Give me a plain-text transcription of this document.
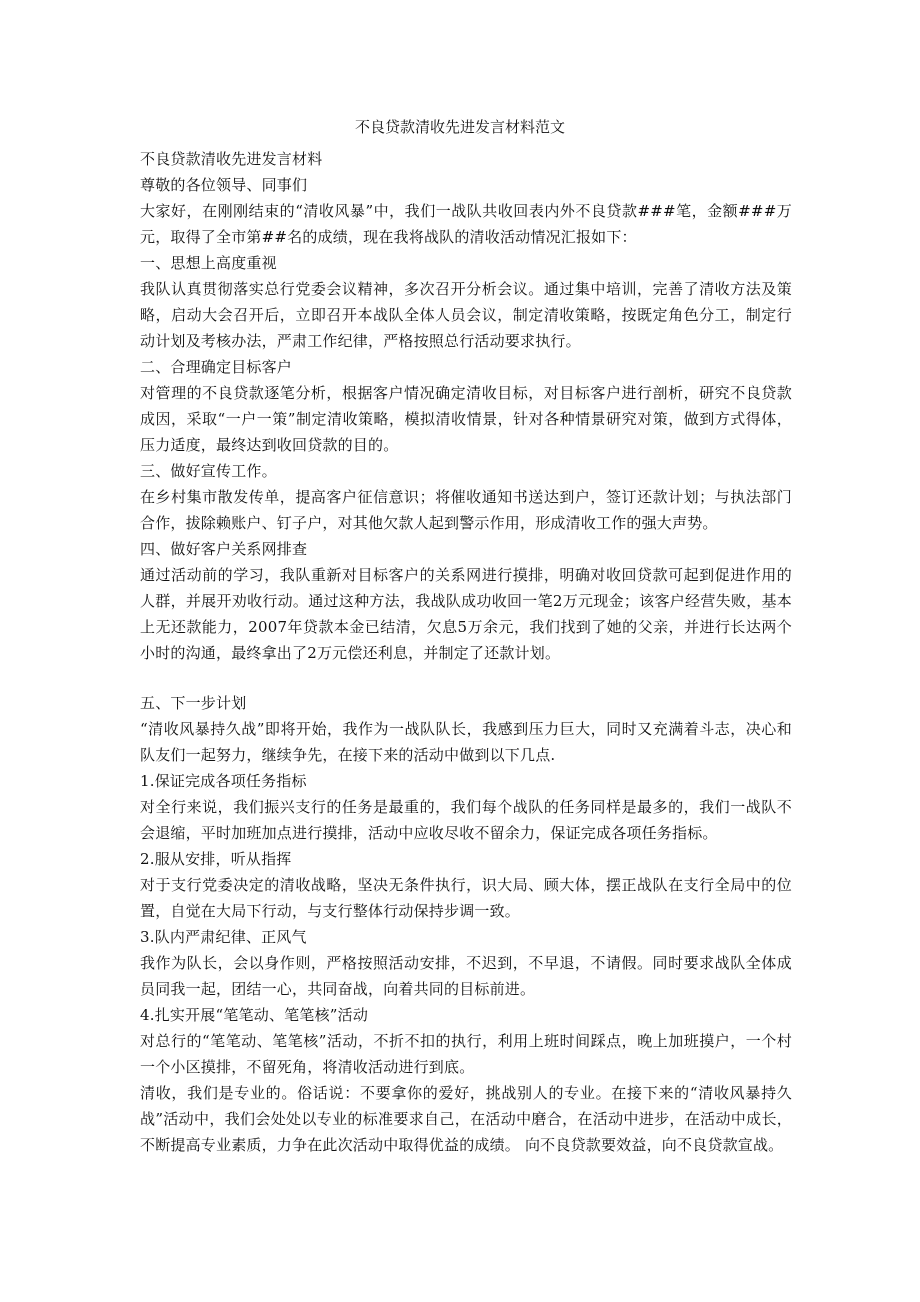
不良贷款清收先进发言材料范文
不良贷款清收先进发言材料
尊敬的各位领导、同事们
大家好，在刚刚结束的“清收风暴”中，我们一战队共收回表内外不良贷款###笔，金额###万元，取得了全市第##名的成绩，现在我将战队的清收活动情况汇报如下：
一、思想上高度重视
我队认真贯彻落实总行党委会议精神，多次召开分析会议。通过集中培训，完善了清收方法及策略，启动大会召开后，立即召开本战队全体人员会议，制定清收策略，按既定角色分工，制定行动计划及考核办法，严肃工作纪律，严格按照总行活动要求执行。
二、合理确定目标客户
对管理的不良贷款逐笔分析，根据客户情况确定清收目标，对目标客户进行剖析，研究不良贷款成因，采取“一户一策”制定清收策略，模拟清收情景，针对各种情景研究对策，做到方式得体，压力适度，最终达到收回贷款的目的。
三、做好宣传工作。
在乡村集市散发传单，提高客户征信意识；将催收通知书送达到户，签订还款计划；与执法部门合作，拔除赖账户、钉子户，对其他欠款人起到警示作用，形成清收工作的强大声势。
四、做好客户关系网排查
通过活动前的学习，我队重新对目标客户的关系网进行摸排，明确对收回贷款可起到促进作用的人群，并展开劝收行动。通过这种方法，我战队成功收回一笔2万元现金；该客户经营失败，基本上无还款能力，2007年贷款本金已结清，欠息5万余元，我们找到了她的父亲，并进行长达两个小时的沟通，最终拿出了2万元偿还利息，并制定了还款计划。
五、下一步计划
“清收风暴持久战”即将开始，我作为一战队队长，我感到压力巨大，同时又充满着斗志，决心和队友们一起努力，继续争先，在接下来的活动中做到以下几点.
1.保证完成各项任务指标
对全行来说，我们振兴支行的任务是最重的，我们每个战队的任务同样是最多的，我们一战队不会退缩，平时加班加点进行摸排，活动中应收尽收不留余力，保证完成各项任务指标。
2.服从安排，听从指挥
对于支行党委决定的清收战略，坚决无条件执行，识大局、顾大体，摆正战队在支行全局中的位置，自觉在大局下行动，与支行整体行动保持步调一致。
3.队内严肃纪律、正风气
我作为队长，会以身作则，严格按照活动安排，不迟到，不早退，不请假。同时要求战队全体成员同我一起，团结一心，共同奋战，向着共同的目标前进。
4.扎实开展“笔笔动、笔笔核”活动
对总行的“笔笔动、笔笔核”活动，不折不扣的执行，利用上班时间踩点，晚上加班摸户，一个村一个小区摸排，不留死角，将清收活动进行到底。
清收，我们是专业的。俗话说：不要拿你的爱好，挑战别人的专业。在接下来的“清收风暴持久战”活动中，我们会处处以专业的标准要求自己，在活动中磨合，在活动中进步，在活动中成长，不断提高专业素质，力争在此次活动中取得优益的成绩。 向不良贷款要效益，向不良贷款宣战。
